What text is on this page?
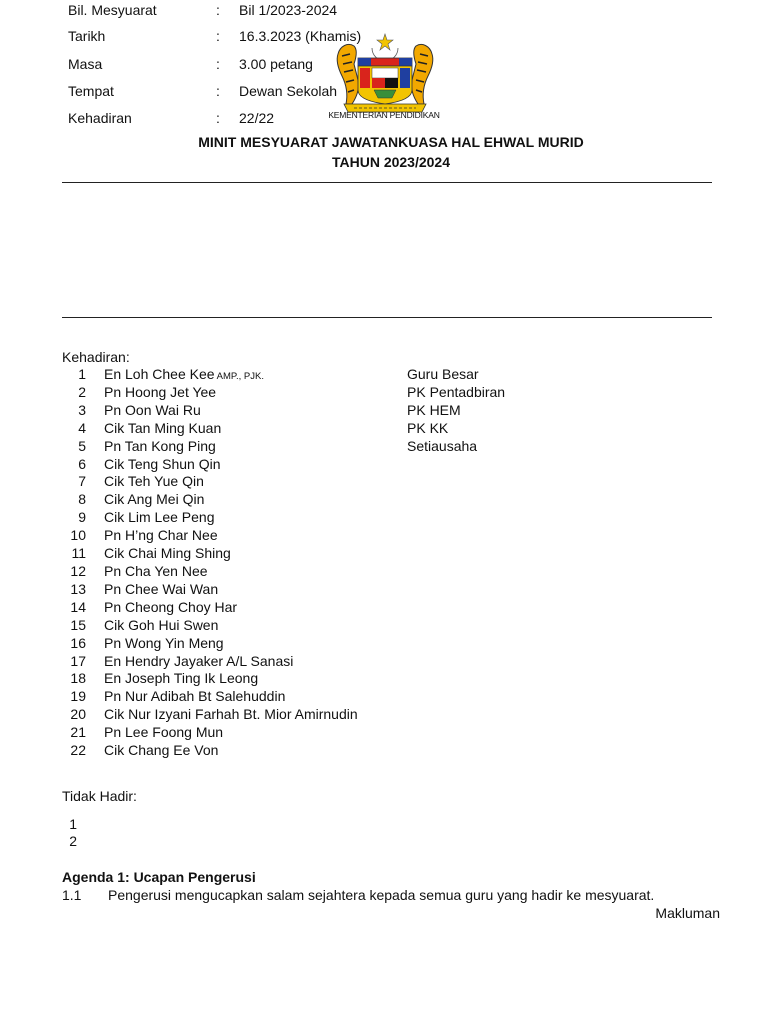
KEMENTERIAN PENDIDIKAN
MINIT MESYUARAT JAWATANKUASA HAL EHWAL MURID
TAHUN 2023/2024
Bil. Mesyuarat	: Bil 1/2023-2024
Tarikh	: 16.3.2023 (Khamis)
Masa	: 3.00 petang
Tempat	: Dewan Sekolah
Kehadiran	: 22/22
Kehadiran:
1 En Loh Chee Kee AMP., PJK.	Guru Besar
2 Pn Hoong Jet Yee	PK Pentadbiran
3 Pn Oon Wai Ru	PK HEM
4 Cik Tan Ming Kuan	PK KK
5 Pn Tan Kong Ping	Setiausaha
6 Cik Teng Shun Qin
7 Cik Teh Yue Qin
8 Cik Ang Mei Qin
9 Cik Lim Lee Peng
10 Pn H’ng Char Nee
11 Cik Chai Ming Shing
12 Pn Cha Yen Nee
13 Pn Chee Wai Wan
14 Pn Cheong Choy Har
15 Cik Goh Hui Swen
16 Pn Wong Yin Meng
17 En Hendry Jayaker A/L Sanasi
18 En Joseph Ting Ik Leong
19 Pn Nur Adibah Bt Salehuddin
20 Cik Nur Izyani Farhah Bt. Mior Amirnudin
21 Pn Lee Foong Mun
22 Cik Chang Ee Von
Tidak Hadir:
1
2
Agenda 1: Ucapan Pengerusi
1.1 Pengerusi mengucapkan salam sejahtera kepada semua guru yang hadir ke mesyuarat.
Makluman
